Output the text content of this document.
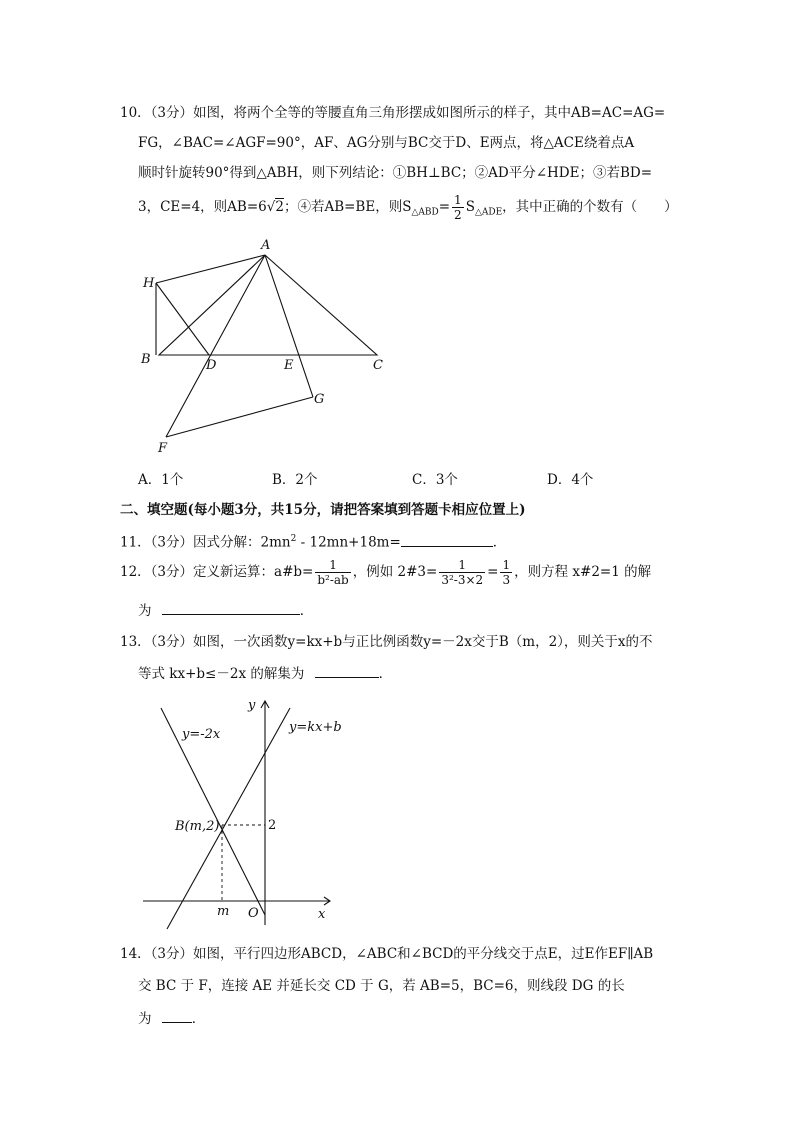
10．（3分）如图，将两个全等的等腰直角三角形摆成如图所示的样子，其中AB=AC=AG=
FG，∠BAC=∠AGF=90°，AF、AG分别与BC交于D、E两点，将△ACE绕着点A
顺时针旋转90°得到△ABH，则下列结论：①BH⊥BC；②AD平分∠HDE；③若BD=
3，CE=4，则AB=6√2；④若AB=BE，则$S_{\triangle ABD}= \frac{1}{2} S_{\triangle ADE}$，其中正确的个数有（　　）
A
H
B	D	E	C
G
F
A．1个	B．2个	C．3个	D．4个
二、填空题(每小题3分，共15分，请把答案填到答题卡相应位置上)
11．（3分）因式分解：$2mn^2 - 12mn+18m=$	．
12．（3分）定义新运算：a#b= $\frac{1}{\text{b²-ab}}$ ，例如 2#3= $\frac{1}{\text{3²-3×2}} = \frac{1}{3}$ ，则方程 x#2=1 的解
为	．
13．（3分）如图，一次函数y=kx+b与正比例函数y=－2x交于B（m，2），则关于x的不
等式 kx+b≤－2x 的解集为	．
y
x
O
m
2
B(m,2)
y=-2x	y=kx+b
14．（3分）如图，平行四边形ABCD，∠ABC和∠BCD的平分线交于点E，过E作EF∥AB
交 BC 于 F，连接 AE 并延长交 CD 于 G，若 AB=5，BC=6，则线段 DG 的长
为	．
